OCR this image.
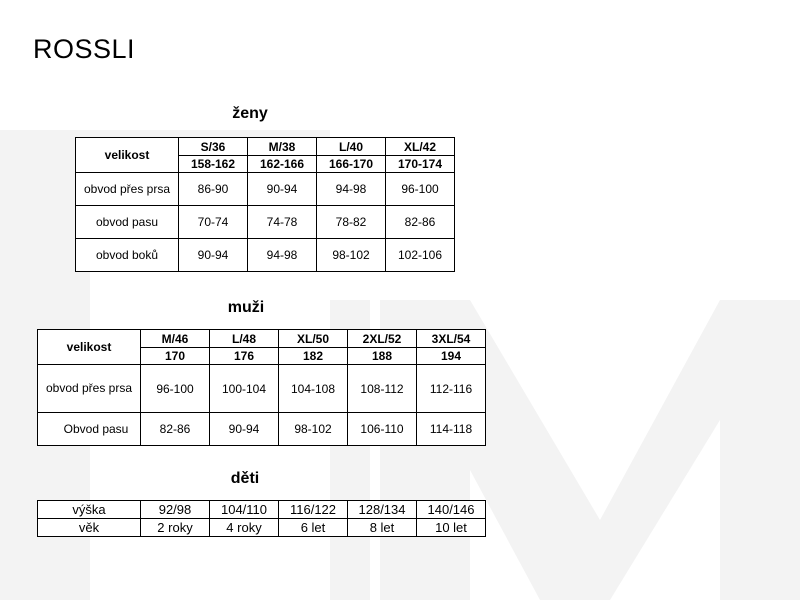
ROSSLI
ženy
velikost	S/36	M/38	L/40	XL/42
	158-162	162-166	166-170	170-174
obvod přes prsa	86-90	90-94	94-98	96-100
obvod pasu	70-74	74-78	78-82	82-86
obvod boků	90-94	94-98	98-102	102-106
muži
velikost	M/46	L/48	XL/50	2XL/52	3XL/54
	170	176	182	188	194
obvod přes prsa	96-100	100-104	104-108	108-112	112-116
Obvod pasu	82-86	90-94	98-102	106-110	114-118
děti
výška	92/98	104/110	116/122	128/134	140/146
věk	2 roky	4 roky	6 let	8 let	10 let
